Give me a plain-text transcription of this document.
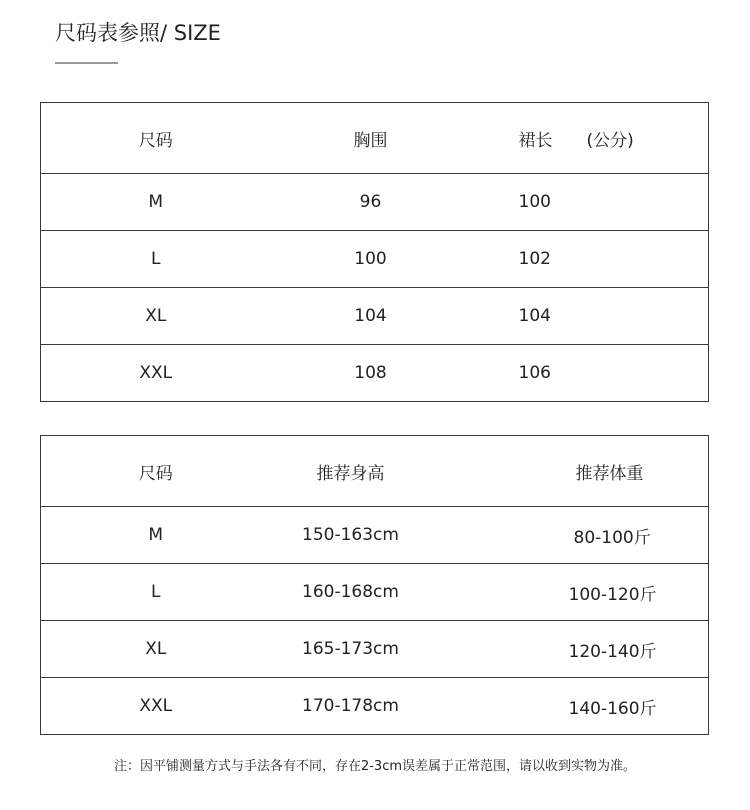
尺码表参照/ SIZE
尺码	胸围	裙长 (公分)
M	96	100
L	100	102
XL	104	104
XXL	108	106
尺码	推荐身高	推荐体重
M	150-163cm	80-100斤
L	160-168cm	100-120斤
XL	165-173cm	120-140斤
XXL	170-178cm	140-160斤
注：因平铺测量方式与手法各有不同，存在2-3cm误差属于正常范围，请以收到实物为准。
